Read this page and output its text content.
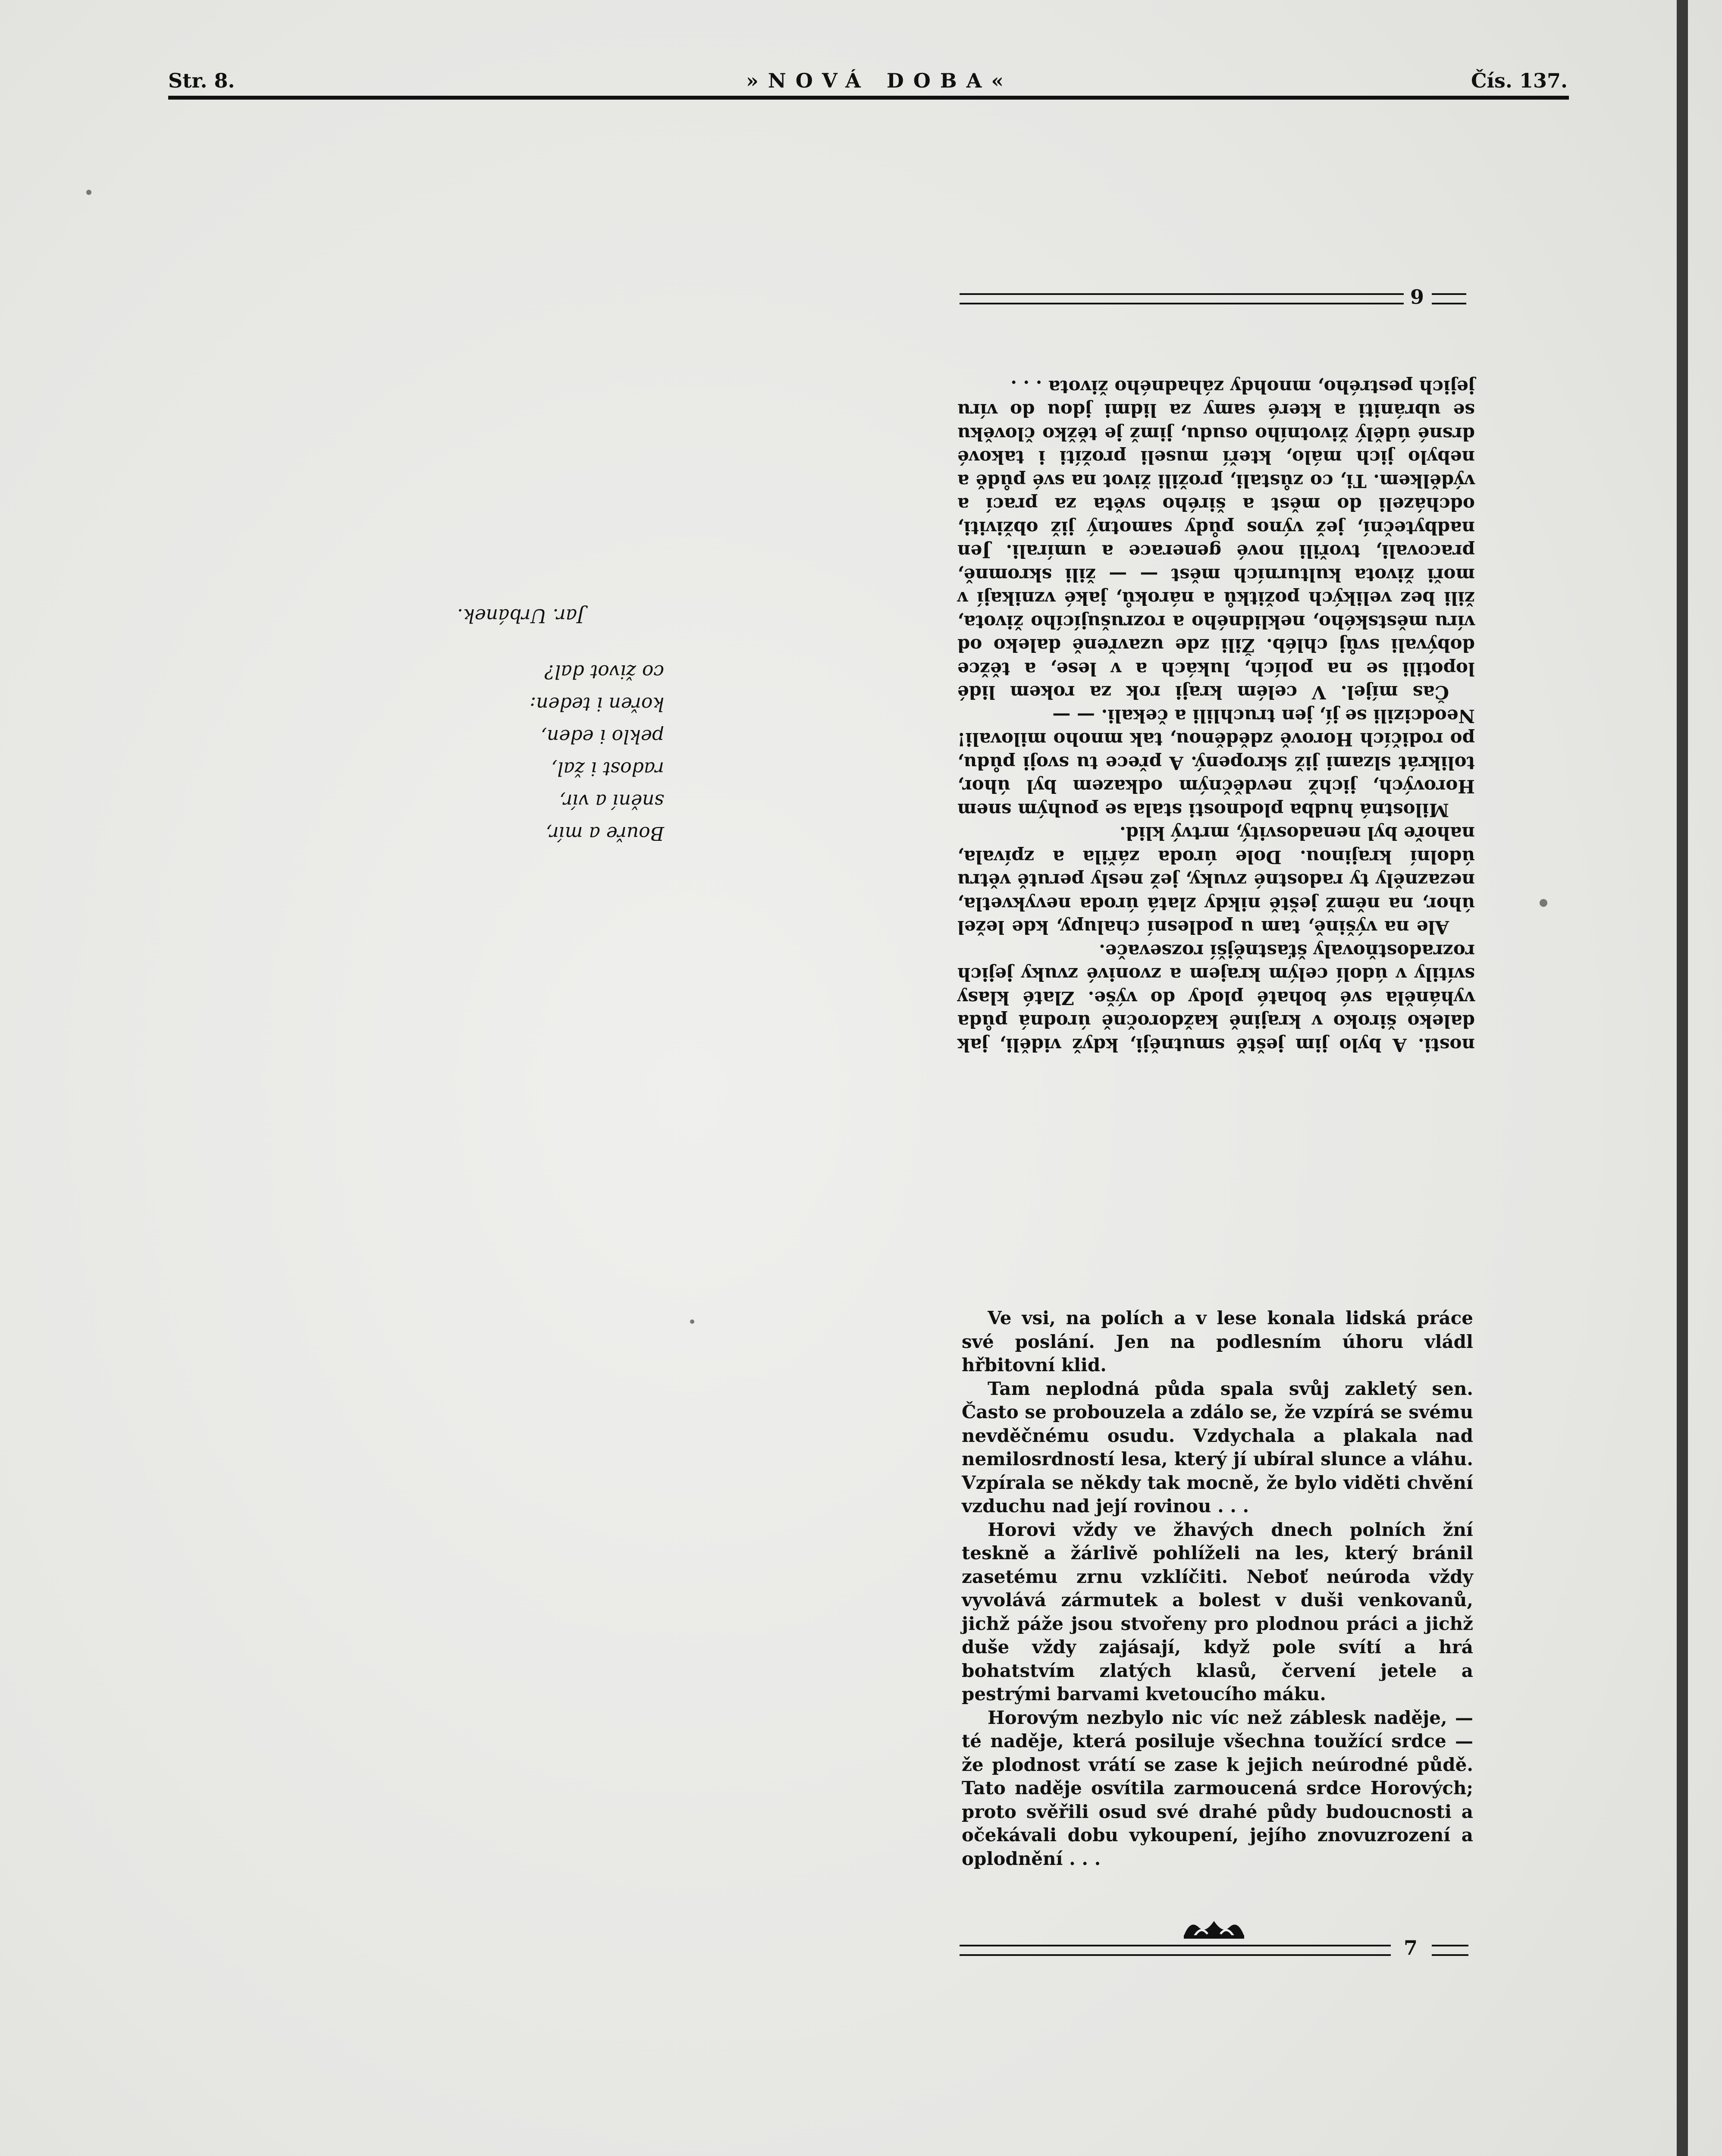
Str. 8.	»NOVÁ DOBA«	Čís. 137.
6

nosti. A bylo jim ještě smutněji, když viděli, jak daleko široko v krajině každoročně úrodná půda vyháněla své bohaté plody do výše. Zlaté klasy svítily v údolí celým krajem a zvonivé zvuky jejich rozradostňovaly šťastnější rozsevače.

Ale na výšině, tam u podlesní chalupy, kde ležel úhor, na němž ještě nikdy zlatá úroda nevykvetla, nezazněly ty radostné zvuky, jež nesly perutě větru údolní krajinou. Dole úroda zářila a zpívala, nahoře byl nenadosvitý, mrtvý klid.

Milostná hudba plodnosti stala se pouhým snem Horových, jichž nevděčným odkazem byl úhor, tolikrát slzami již skropený. A přece tu svoji půdu, po rodičích Horově zděděnou, tak mnoho milovali! Neodcizili se jí, jen truchlili a čekali. — —

Čas míjel. V celém kraji rok za rokem lidé lopotili se na polích, lukách a v lese, a těžce dobývali svůj chléb. Žili zde uzavřeně daleko od víru městského, neklidného a rozrušujícího života, žili bez velikých požitků a nároků, jaké vznikají v moři života kulturních měst — — žili skromně, pracovali, tvořili nové generace a umírali. Jen nadbyteční, jež výnos půdy samotný již obživiti, odcházeli do měst a širého světa za prací a výdělkem. Ti, co zůstali, prožili život na své půdě a nebylo jich málo, kteří museli prožíti i takové drsné údělý životního osudu, jimž je těžko člověku se ubrániti a které samy za lidmi jdou do víru jejich pestrého, mnohdy záhadného života . . .

Bouře a mír,
snění a vír,
radost i žal,
peklo i eden,
kořen i teden:
co život dal?
Jar. Urbánek.

Ve vsi, na polích a v lese konala lidská práce své poslání. Jen na podlesním úhoru vládl hřbitovní klid.

Tam neplodná půda spala svůj zakletý sen. Často se probouzela a zdálo se, že vzpírá se svému nevděčnému osudu. Vzdychala a plakala nad nemilosrdností lesa, který jí ubíral slunce a vláhu. Vzpírala se někdy tak mocně, že bylo viděti chvění vzduchu nad její rovinou . . .

Horovi vždy ve žhavých dnech polních žní teskně a žárlivě pohlíželi na les, který bránil zasetému zrnu vzklíčiti. Neboť neúroda vždy vyvolává zármutek a bolest v duši venkovanů, jichž páže jsou stvořeny pro plodnou práci a jichž duše vždy zajásají, když pole svítí a hrá bohatstvím zlatých klasů, červení jetele a pestrými barvami kvetoucího máku.

Horovým nezbylo nic víc než záblesk naděje, — té naděje, která posiluje všechna toužící srdce — že plodnost vrátí se zase k jejich neúrodné půdě. Tato naděje osvítila zarmoucená srdce Horových; proto svěřili osud své drahé půdy budoucnosti a očekávali dobu vykoupení, jejího znovuzrození a oplodnění . . .

7
